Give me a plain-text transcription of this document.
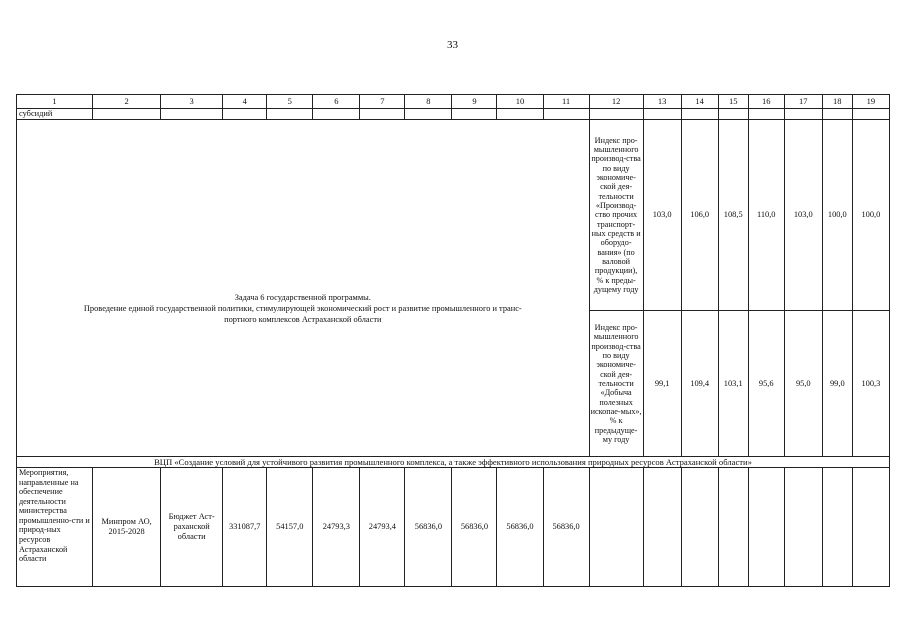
33
1	2	3	4	5	6	7	8	9	10	11	12	13	14	15	16	17	18	19
субсидий																		

Задача 6 государственной программы.
Проведение единой государственной политики, стимулирующей экономический рост и развитие промышленного и транс-
портного комплексов Астраханской области											Индекс про-мышленного производ-ства по виду экономиче-ской дея-тельности «Производ-ство прочих транспорт-ных средств и оборудо-вания» (по валовой продукции), % к преды-дущему году	103,0	106,0	108,5	110,0	103,0	100,0	100,0
											Индекс про-мышленного производ-ства по виду экономиче-ской дея-тельности «Добыча полезных ископае-мых», % к предыдуще-му году	99,1	109,4	103,1	95,6	95,0	99,0	100,3
ВЦП «Создание условий для устойчивого развития промышленного комплекса, а также эффективного использования природных ресурсов Астраханской области»																		
Мероприятия, направленные на обеспечение деятельности министерства промышленно-сти и природ-ных ресурсов Астраханской области	Минпром АО, 2015-2028	Бюджет Аст-раханской области	331087,7	54157,0	24793,3	24793,4	56836,0	56836,0	56836,0	56836,0								
